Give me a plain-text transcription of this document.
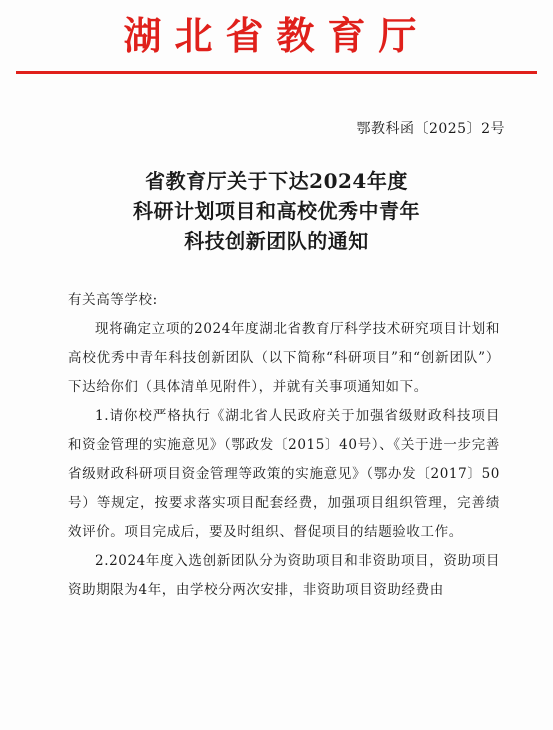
湖北省教育厅
鄂教科函〔2025〕2号
省教育厅关于下达2024年度
科研计划项目和高校优秀中青年
科技创新团队的通知

有关高等学校:

现将确定立项的2024年度湖北省教育厅科学技术研究项目计划和高校优秀中青年科技创新团队（以下简称“科研项目”和“创新团队”）下达给你们（具体清单见附件），并就有关事项通知如下。

1.请你校严格执行《湖北省人民政府关于加强省级财政科技项目和资金管理的实施意见》（鄂政发〔2015〕40号）、《关于进一步完善省级财政科研项目资金管理等政策的实施意见》（鄂办发〔2017〕50号）等规定，按要求落实项目配套经费，加强项目组织管理，完善绩效评价。项目完成后，要及时组织、督促项目的结题验收工作。

2.2024年度入选创新团队分为资助项目和非资助项目，资助项目资助期限为4年，由学校分两次安排，非资助项目资助经费由
